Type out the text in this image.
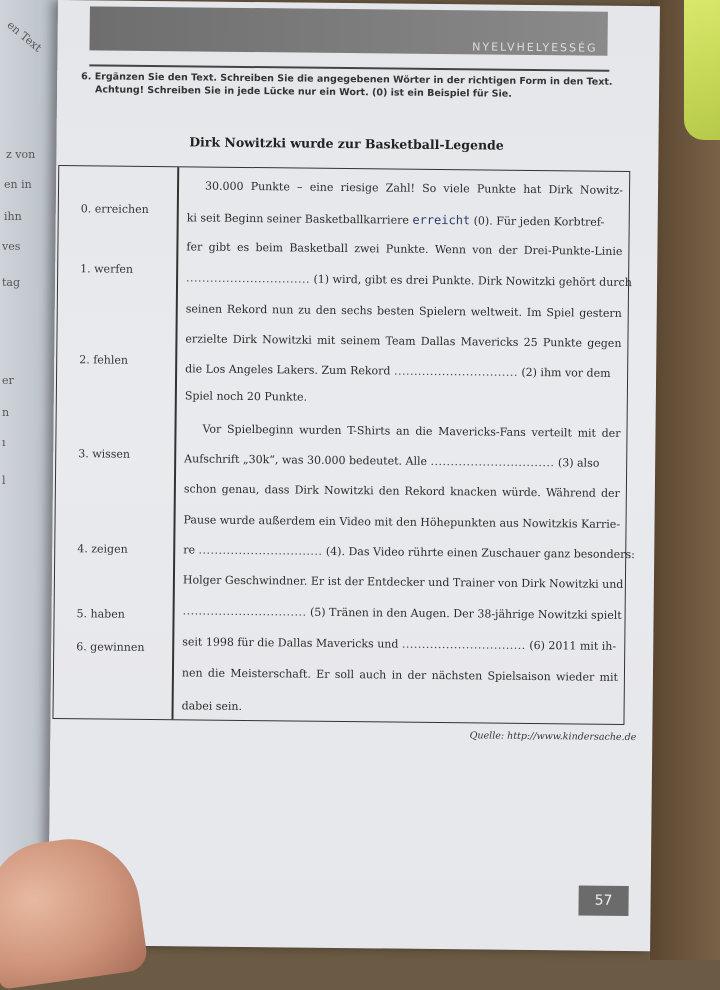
en Text
z von
en in
ihn
ves
tag
er
n
ı
l
NYELVHELYESSÉG
6. Ergänzen Sie den Text. Schreiben Sie die angegebenen Wörter in der richtigen Form in den Text.
Achtung! Schreiben Sie in jede Lücke nur ein Wort. (0) ist ein Beispiel für Sie.
Dirk Nowitzki wurde zur Basketball-Legende
0. erreichen
1. werfen
2. fehlen
3. wissen
4. zeigen
5. haben
6. gewinnen
30.000 Punkte – eine riesige Zahl! So viele Punkte hat Dirk Nowitz-
ki seit Beginn seiner Basketballkarriere erreicht (0). Für jeden Korbtref-
fer gibt es beim Basketball zwei Punkte. Wenn von der Drei-Punkte-Linie
............................... (1) wird, gibt es drei Punkte. Dirk Nowitzki gehört durch
seinen Rekord nun zu den sechs besten Spielern weltweit. Im Spiel gestern
erzielte Dirk Nowitzki mit seinem Team Dallas Mavericks 25 Punkte gegen
die Los Angeles Lakers. Zum Rekord ............................... (2) ihm vor dem
Spiel noch 20 Punkte.
Vor Spielbeginn wurden T-Shirts an die Mavericks-Fans verteilt mit der
Aufschrift „30k“, was 30.000 bedeutet. Alle ............................... (3) also
schon genau, dass Dirk Nowitzki den Rekord knacken würde. Während der
Pause wurde außerdem ein Video mit den Höhepunkten aus Nowitzkis Karrie-
re ............................... (4). Das Video rührte einen Zuschauer ganz besonders:
Holger Geschwindner. Er ist der Entdecker und Trainer von Dirk Nowitzki und
............................... (5) Tränen in den Augen. Der 38-jährige Nowitzki spielt
seit 1998 für die Dallas Mavericks und ............................... (6) 2011 mit ih-
nen die Meisterschaft. Er soll auch in der nächsten Spielsaison wieder mit
dabei sein.
Quelle: http://www.kindersache.de
57
